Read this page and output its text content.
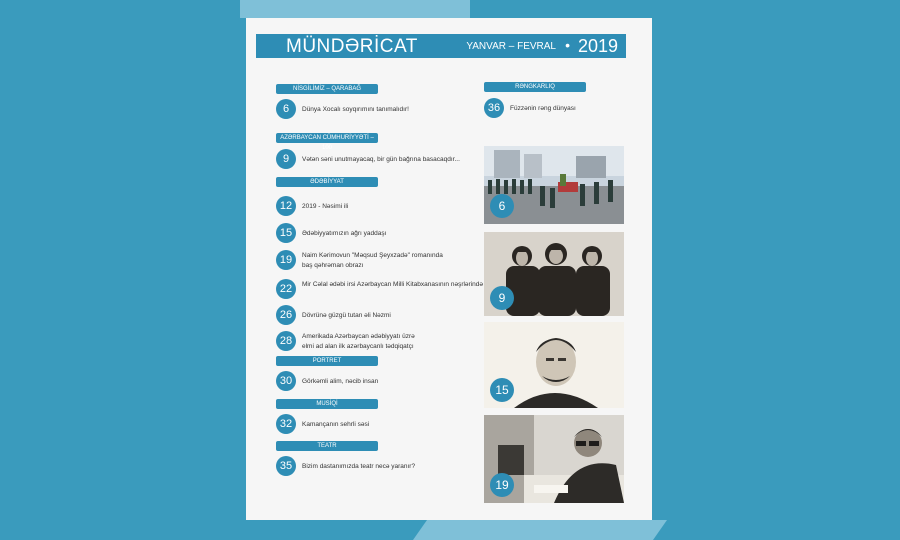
MÜNDƏRİCAT	YANVAR – FEVRAL • 2019
NİSGİLİMİZ – QARABAĞ
6	Dünya Xocalı soyqırımını tanımalıdır!
AZƏRBAYCAN CÜMHURİYYƏTİ – 100
9	Vətən səni unutmayacaq, bir gün bağrına basacaqdır...
ƏDƏBİYYAT
12	2019 - Nəsimi ili
15	Ədəbiyyatımızın ağrı yaddaşı
19	Naim Kərimovun "Məqsud Şeyxzadə" romanında
baş qəhrəman obrazı
22	Mir Cəlal ədəbi irsi Azərbaycan Milli Kitabxanasının nəşrlərində
26	Dövrünə güzgü tutan əli Nəzmi
28	Amerikada Azərbaycan ədəbiyyatı üzrə
elmi ad alan ilk azərbaycanlı tədqiqatçı
PORTRET
30	Görkəmli alim, nəcib insan
MUSİQİ
32	Kamançanın sehrli səsi
TEATR
35	Bizim dastanımızda teatr necə yaranır?
RƏNGKARLIQ
36	Füzzənin rəng dünyası
6
9
15
19
